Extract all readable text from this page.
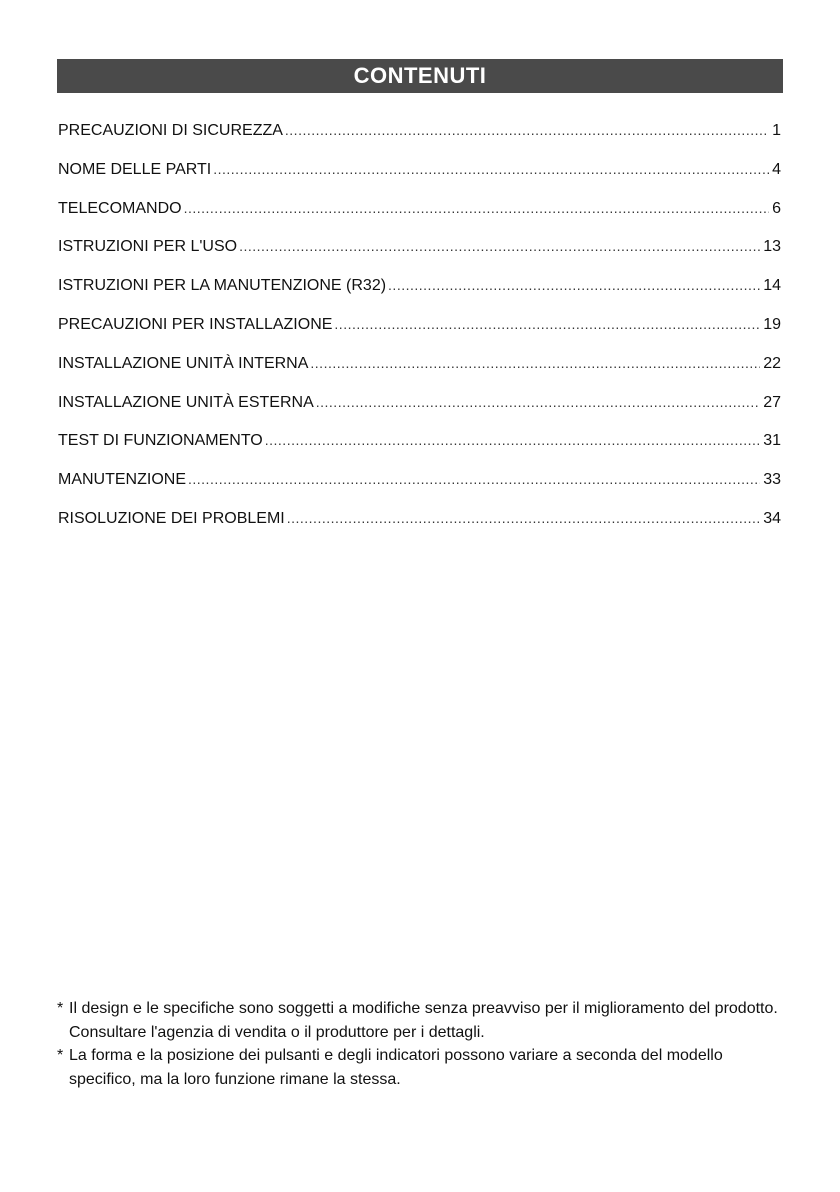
CONTENUTI
PRECAUZIONI DI SICUREZZA .....	1
NOME DELLE PARTI .....	4
TELECOMANDO .....	6
ISTRUZIONI PER L'USO .....	13
ISTRUZIONI PER LA MANUTENZIONE (R32) .....	14
PRECAUZIONI PER INSTALLAZIONE .....	19
INSTALLAZIONE UNITÀ INTERNA .....	22
INSTALLAZIONE UNITÀ ESTERNA .....	27
TEST DI FUNZIONAMENTO .....	31
MANUTENZIONE .....	33
RISOLUZIONE DEI PROBLEMI .....	34
* Il design e le specifiche sono soggetti a modifiche senza preavviso per il miglioramento del prodotto. Consultare l'agenzia di vendita o il produttore per i dettagli.
* La forma e la posizione dei pulsanti e degli indicatori possono variare a seconda del modello specifico, ma la loro funzione rimane la stessa.
